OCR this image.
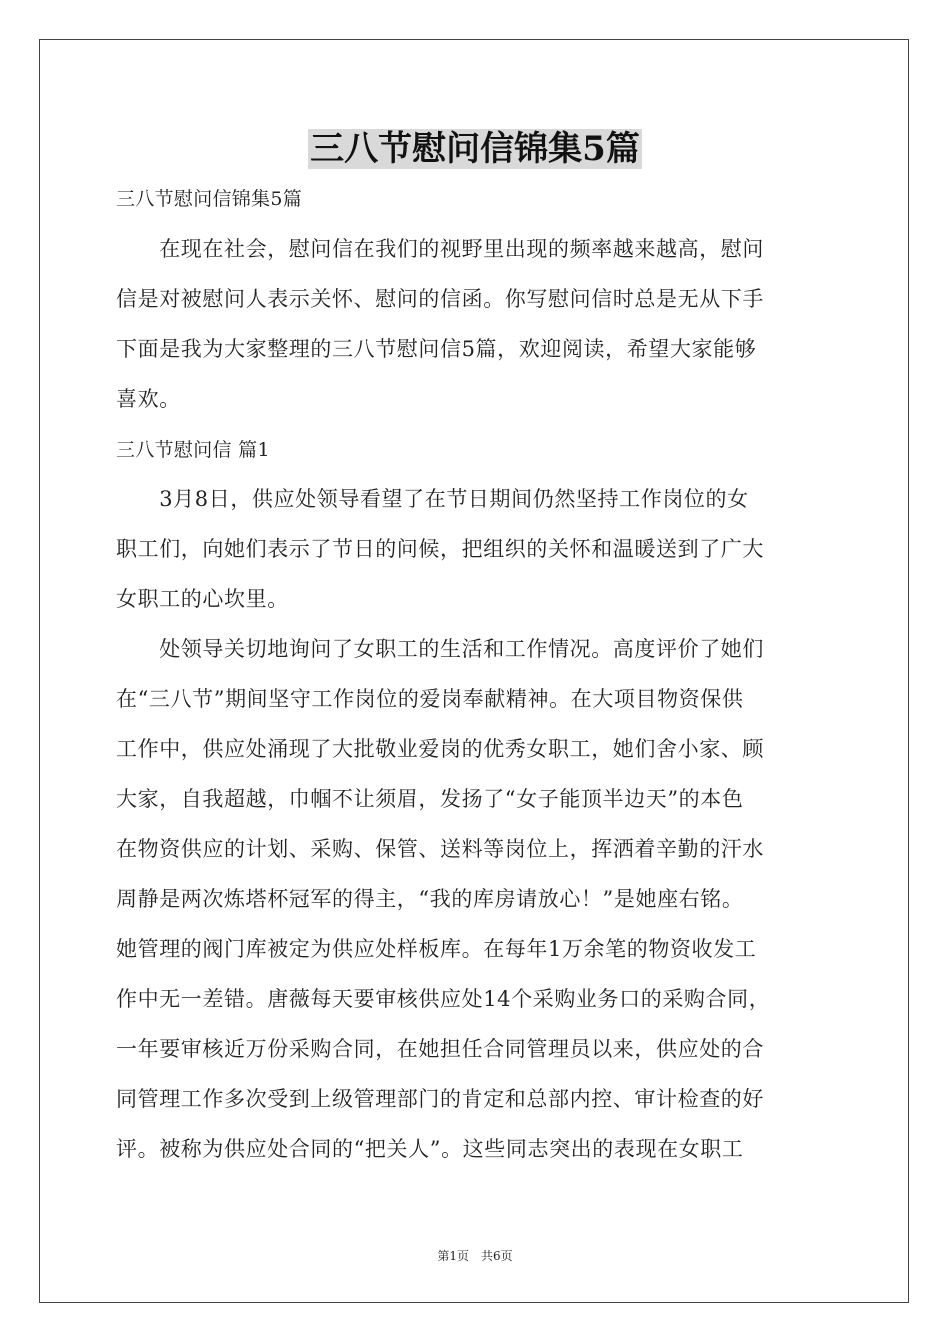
三八节慰问信锦集5篇
三八节慰问信锦集5篇
　　在现在社会，慰问信在我们的视野里出现的频率越来越高，慰问
信是对被慰问人表示关怀、慰问的信函。你写慰问信时总是无从下手
下面是我为大家整理的三八节慰问信5篇，欢迎阅读，希望大家能够
喜欢。
三八节慰问信 篇1
　　3月8日，供应处领导看望了在节日期间仍然坚持工作岗位的女
职工们，向她们表示了节日的问候，把组织的关怀和温暖送到了广大
女职工的心坎里。
　　处领导关切地询问了女职工的生活和工作情况。高度评价了她们
在“三八节”期间坚守工作岗位的爱岗奉献精神。在大项目物资保供
工作中，供应处涌现了大批敬业爱岗的优秀女职工，她们舍小家、顾
大家，自我超越，巾帼不让须眉，发扬了“女子能顶半边天”的本色
在物资供应的计划、采购、保管、送料等岗位上，挥洒着辛勤的汗水
周静是两次炼塔杯冠军的得主，“我的库房请放心！”是她座右铭。
她管理的阀门库被定为供应处样板库。在每年1万余笔的物资收发工
作中无一差错。唐薇每天要审核供应处14个采购业务口的采购合同，
一年要审核近万份采购合同，在她担任合同管理员以来，供应处的合
同管理工作多次受到上级管理部门的肯定和总部内控、审计检查的好
评。被称为供应处合同的“把关人”。这些同志突出的表现在女职工
第1页　共6页
